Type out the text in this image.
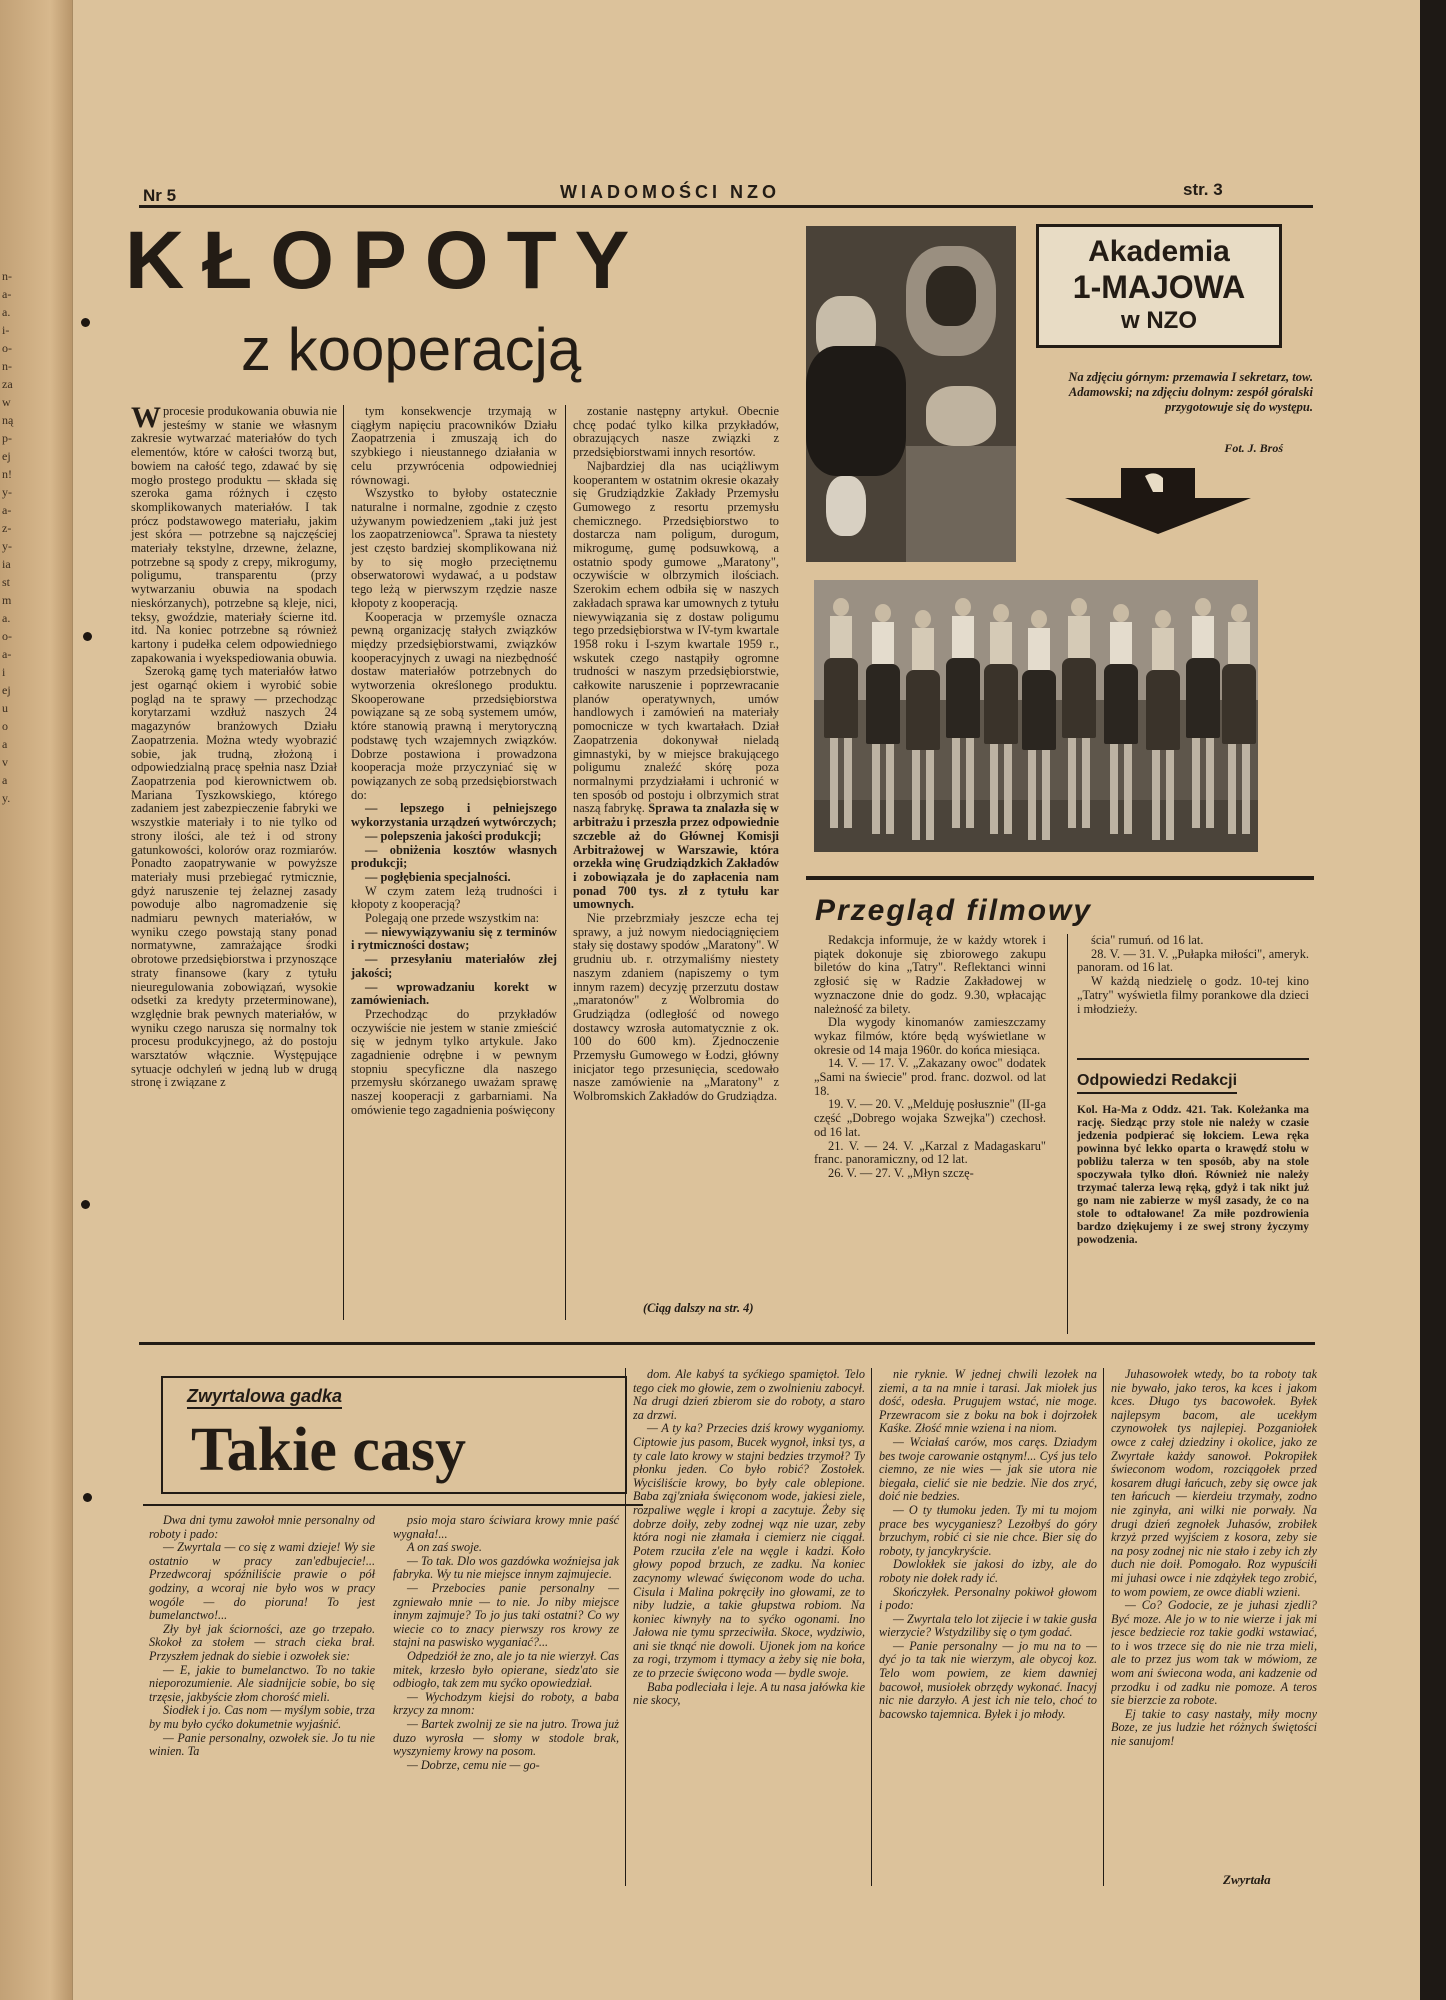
n-
a-
a.
i-
o-
n-
za
w
ną
p-
ej
n!
y-
a-
z-
y-
ia
st
m
a.
o-
a-
i
ej
u
o
a
v
a
y.
Nr 5	WIADOMOŚCI NZO	str. 3
KŁOPOTY
z kooperacją

W procesie produkowania obuwia nie jesteśmy w stanie we własnym zakresie wytwarzać materiałów do tych elementów, które w całości tworzą but, bowiem na całość tego, zdawać by się mogło prostego produktu — składa się szeroka gama różnych i często skomplikowanych materiałów. I tak prócz podstawowego materiału, jakim jest skóra — potrzebne są najczęściej materiały tekstylne, drzewne, żelazne, potrzebne są spody z crepy, mikrogumy, poligumu, transparentu (przy wytwarzaniu obuwia na spodach nieskórzanych), potrzebne są kleje, nici, teksy, gwoździe, materiały ścierne itd. itd. Na koniec potrzebne są również kartony i pudełka celem odpowiedniego zapakowania i wyekspediowania obuwia.

Szeroką gamę tych materiałów łatwo jest ogarnąć okiem i wyrobić sobie pogląd na te sprawy — przechodząc korytarzami wzdłuż naszych 24 magazynów branżowych Działu Zaopatrzenia. Można wtedy wyobrazić sobie, jak trudną, złożoną i odpowiedzialną pracę spełnia nasz Dział Zaopatrzenia pod kierownictwem ob. Mariana Tyszkowskiego, którego zadaniem jest zabezpieczenie fabryki we wszystkie materiały i to nie tylko od strony ilości, ale też i od strony gatunkowości, kolorów oraz rozmiarów. Ponadto zaopatrywanie w powyższe materiały musi przebiegać rytmicznie, gdyż naruszenie tej żelaznej zasady powoduje albo nagromadzenie się nadmiaru pewnych materiałów, w wyniku czego powstają stany ponad normatywne, zamrażające środki obrotowe przedsiębiorstwa i przynoszące straty finansowe (kary z tytułu nieuregulowania zobowiązań, wysokie odsetki za kredyty przeterminowane), względnie brak pewnych materiałów, w wyniku czego narusza się normalny tok procesu produkcyjnego, aż do postoju warsztatów włącznie. Występujące sytuacje odchyleń w jedną lub w drugą stronę i związane z

tym konsekwencje trzymają w ciągłym napięciu pracowników Działu Zaopatrzenia i zmuszają ich do szybkiego i nieustannego działania w celu przywrócenia odpowiedniej równowagi.

Wszystko to byłoby ostatecznie naturalne i normalne, zgodnie z często używanym powiedzeniem „taki już jest los zaopatrzeniowca". Sprawa ta niestety jest często bardziej skomplikowana niż by to się mogło przeciętnemu obserwatorowi wydawać, a u podstaw tego leżą w pierwszym rzędzie nasze kłopoty z kooperacją.

Kooperacja w przemyśle oznacza pewną organizację stałych związków między przedsiębiorstwami, związków kooperacyjnych z uwagi na niezbędność dostaw materiałów potrzebnych do wytworzenia określonego produktu. Skooperowane przedsiębiorstwa powiązane są ze sobą systemem umów, które stanowią prawną i merytoryczną podstawę tych wzajemnych związków. Dobrze postawiona i prowadzona kooperacja może przyczyniać się w powiązanych ze sobą przedsiębiorstwach do:

— lepszego i pełniejszego wykorzystania urządzeń wytwórczych;

— polepszenia jakości produkcji;

— obniżenia kosztów własnych produkcji;

— pogłębienia specjalności.

W czym zatem leżą trudności i kłopoty z kooperacją?

Polegają one przede wszystkim na:

— niewywiązywaniu się z terminów i rytmiczności dostaw;

— przesyłaniu materiałów złej jakości;

— wprowadzaniu korekt w zamówieniach.

Przechodząc do przykładów oczywiście nie jestem w stanie zmieścić się w jednym tylko artykule. Jako zagadnienie odrębne i w pewnym stopniu specyficzne dla naszego przemysłu skórzanego uważam sprawę naszej kooperacji z garbarniami. Na omówienie tego zagadnienia poświęcony

zostanie następny artykuł. Obecnie chcę podać tylko kilka przykładów, obrazujących nasze związki z przedsiębiorstwami innych resortów.

Najbardziej dla nas uciążliwym kooperantem w ostatnim okresie okazały się Grudziądzkie Zakłady Przemysłu Gumowego z resortu przemysłu chemicznego. Przedsiębiorstwo to dostarcza nam poligum, durogum, mikrogumę, gumę podsuwkową, a ostatnio spody gumowe „Maratony", oczywiście w olbrzymich ilościach. Szerokim echem odbiła się w naszych zakładach sprawa kar umownych z tytułu niewywiązania się z dostaw poligumu tego przedsiębiorstwa w IV-tym kwartale 1958 roku i I-szym kwartale 1959 r., wskutek czego nastąpiły ogromne trudności w naszym przedsiębiorstwie, całkowite naruszenie i poprzewracanie planów operatywnych, umów handlowych i zamówień na materiały pomocnicze w tych kwartałach. Dział Zaopatrzenia dokonywał nieladą gimnastyki, by w miejsce brakującego poligumu znaleźć skórę poza normalnymi przydziałami i uchronić w ten sposób od postoju i olbrzymich strat naszą fabrykę. Sprawa ta znalazła się w arbitrażu i przeszła przez odpowiednie szczeble aż do Głównej Komisji Arbitrażowej w Warszawie, która orzekła winę Grudziądzkich Zakładów i zobowiązała je do zapłacenia nam ponad 700 tys. zł z tytułu kar umownych.

Nie przebrzmiały jeszcze echa tej sprawy, a już nowym niedociągnięciem stały się dostawy spodów „Maratony". W grudniu ub. r. otrzymaliśmy niestety naszym zdaniem (napiszemy o tym innym razem) decyzję przerzutu dostaw „maratonów" z Wolbromia do Grudziądza (odległość od nowego dostawcy wzrosła automatycznie z ok. 100 do 600 km). Zjednoczenie Przemysłu Gumowego w Łodzi, główny inicjator tego przesunięcia, scedowało nasze zamówienie na „Maratony" z Wolbromskich Zakładów do Grudziądza.

(Ciąg dalszy na str. 4)
Akademia
1-MAJOWA
w NZO
Na zdjęciu górnym: przemawia I sekretarz, tow. Adamowski; na zdjęciu dolnym: zespół góralski przygotowuje się do występu.
Fot. J. Broś
Przegląd filmowy

Redakcja informuje, że w każdy wtorek i piątek dokonuje się zbiorowego zakupu biletów do kina „Tatry". Reflektanci winni zgłosić się w Radzie Zakładowej w wyznaczone dnie do godz. 9.30, wpłacając należność za bilety.

Dla wygody kinomanów zamieszczamy wykaz filmów, które będą wyświetlane w okresie od 14 maja 1960r. do końca miesiąca.

14. V. — 17. V. „Zakazany owoc" dodatek „Sami na świecie" prod. franc. dozwol. od lat 18.

19. V. — 20. V. „Melduję posłusznie" (II-ga część „Dobrego wojaka Szwejka") czechosł. od 16 lat.

21. V. — 24. V. „Karzal z Madagaskaru" franc. panoramiczny, od 12 lat.

26. V. — 27. V. „Młyn szczę-

ścia" rumuń. od 16 lat.

28. V. — 31. V. „Pułapka miłości", ameryk. panoram. od 16 lat.

W każdą niedzielę o godz. 10-tej kino „Tatry" wyświetla filmy porankowe dla dzieci i młodzieży.

Odpowiedzi Redakcji
Kol. Ha-Ma z Oddz. 421. Tak. Koleżanka ma rację. Siedząc przy stole nie należy w czasie jedzenia podpierać się łokciem. Lewa ręka powinna być lekko oparta o krawędź stołu w pobliżu talerza w ten sposób, aby na stole spoczywała tylko dłoń. Również nie należy trzymać talerza lewą ręką, gdyż i tak nikt już go nam nie zabierze w myśl zasady, że co na stole to odtałowane! Za miłe pozdrowienia bardzo dziękujemy i ze swej strony życzymy powodzenia.
Zwyrtalowa gadka
Takie casy

Dwa dni tymu zawołoł mnie personalny od roboty i pado:

— Zwyrtala — co się z wami dzieje! Wy sie ostatnio w pracy zan'edbujecie!... Przedwcoraj spóźniliście prawie o pół godziny, a wcoraj nie było wos w pracy wogóle — do pioruna! To jest bumelanctwo!...

Zły był jak ściorności, aze go trzepało. Skokoł za stołem — strach cieka brał. Przyszłem jednak do siebie i ozwołek sie:

— E, jakie to bumelanctwo. To no takie nieporozumienie. Ale siadnijcie sobie, bo się trzęsie, jakbyście złom chorość mieli.

Siodłek i jo. Cas nom — myślym sobie, trza by mu było cyćko dokumetnie wyjaśnić.

— Panie personalny, ozwołek sie. Jo tu nie winien. Ta

psio moja staro ściwiara krowy mnie paść wygnała!...

A on zaś swoje.

— To tak. Dlo wos gazdówka woźniejsa jak fabryka. Wy tu nie miejsce innym zajmujecie.

— Przebocies panie personalny — zgniewało mnie — to nie. Jo niby miejsce innym zajmuje? To jo jus taki ostatni? Co wy wiecie co to znacy pierwszy ros krowy ze stajni na paswisko wyganiać?...

Odpedziół że zno, ale jo ta nie wierzył. Cas mitek, krzesło było opierane, siedz'ato sie odbiogło, tak zem mu syćko opowiedział.

— Wychodzym kiejsi do roboty, a baba krzycy za mnom:

— Bartek zwolnij ze sie na jutro. Trowa już duzo wyrosła — słomy w stodole brak, wyszyniemy krowy na posom.

— Dobrze, cemu nie — go-

dom. Ale kabyś ta syćkiego spamiętoł. Telo tego ciek mo głowie, zem o zwolnieniu zabocył. Na drugi dzień zbierom sie do roboty, a staro za drzwi.

— A ty ka? Przecies dziś krowy wyganiomy. Ciptowie jus pasom, Bucek wygnoł, inksi tys, a ty cale lato krowy w stajni bedzies trzymoł? Ty płonku jeden. Co było robić? Zostołek. Wyciśliście krowy, bo były cale oblepione. Baba ząj'zniała święconom wode, jakiesi ziele, rozpaliwe węgle i kropi a zacytuje. Żeby się dobrze doiły, zeby zodnej wąz nie uzar, zeby która nogi nie złamała i ciemierz nie ciągał. Potem rzuciła z'ele na węgle i kadzi. Koło głowy popod brzuch, ze zadku. Na koniec zacynomy wlewać święconom wode do ucha. Cisula i Malina pokręciły ino głowami, ze to niby ludzie, a takie głupstwa robiom. Na koniec kiwnyły na to syćko ogonami. Ino Jałowa nie tymu sprzeciwiła. Skoce, wydziwio, ani sie tknąć nie dowoli. Ujonek jom na końce za rogi, trzymom i ttymacy a żeby się nie boła, ze to przecie święcono woda — bydle swoje.

Baba podleciała i leje. A tu nasa jałówka kie nie skocy,

nie ryknie. W jednej chwili lezołek na ziemi, a ta na mnie i tarasi. Jak miołek jus dość, odesła. Prugujem wstać, nie moge. Przewracom sie z boku na bok i dojrzołek Kaśke. Złość mnie wziena i na niom.

— Wciałaś carów, mos caręs. Dziadym bes twoje carowanie ostąnym!... Cyś jus telo ciemno, ze nie wies — jak sie utora nie biegała, cielić sie nie bedzie. Nie dos zryć, doić nie bedzies.

— O ty tłumoku jeden. Ty mi tu mojom prace bes wycyganiesz? Lezołbyś do góry brzuchym, robić ci sie nie chce. Bier się do roboty, ty jancykryście.

Dowlokłek sie jakosi do izby, ale do roboty nie dołek rady ić.

Skończyłek. Personalny pokiwoł głowom i podo:

— Zwyrtala telo lot zijecie i w takie gusła wierzycie? Wstydziliby się o tym godać.

— Panie personalny — jo mu na to — dyć jo ta tak nie wierzym, ale obycoj koz. Telo wom powiem, ze kiem dawniej bacowoł, musiołek obrzędy wykonać. Inacyj nic nie darzyło. A jest ich nie telo, choć to bacowsko tajemnica. Byłek i jo młody.

Juhasowołek wtedy, bo ta roboty tak nie bywało, jako teros, ka kces i jakom kces. Długo tys bacowołek. Byłek najlepsym bacom, ale ucekłym czynowołek tys najlepiej. Pozganiołek owce z całej dziedziny i okolice, jako ze Zwyrtałe każdy sanowoł. Pokropiłek świeconom wodom, rozciągołek przed kosarem długi łańcuch, zeby się owce jak ten łańcuch — kierdeiu trzymały, zodno nie zginyła, ani wilki nie porwały. Na drugi dzień zegnołek Juhasów, zrobiłek krzyż przed wyjściem z kosora, zeby sie na posy zodnej nic nie stało i zeby ich zły duch nie doił. Pomogało. Roz wypuściłi mi juhasi owce i nie zdążyłek tego zrobić, to wom powiem, ze owce diabli wzieni.

— Co? Godocie, ze je juhasi zjedli? Być moze. Ale jo w to nie wierze i jak mi jesce bedziecie roz takie godki wstawiać, to i wos trzece się do nie nie trza mieli, ale to przez jus wom tak w mówiom, ze wom ani świecona woda, ani kadzenie od przodku i od zadku nie pomoze. A teros sie bierzcie za robote.

Ej takie to casy nastały, miły mocny Boze, ze jus ludzie het różnych świętości nie sanujom!

Zwyrtała
